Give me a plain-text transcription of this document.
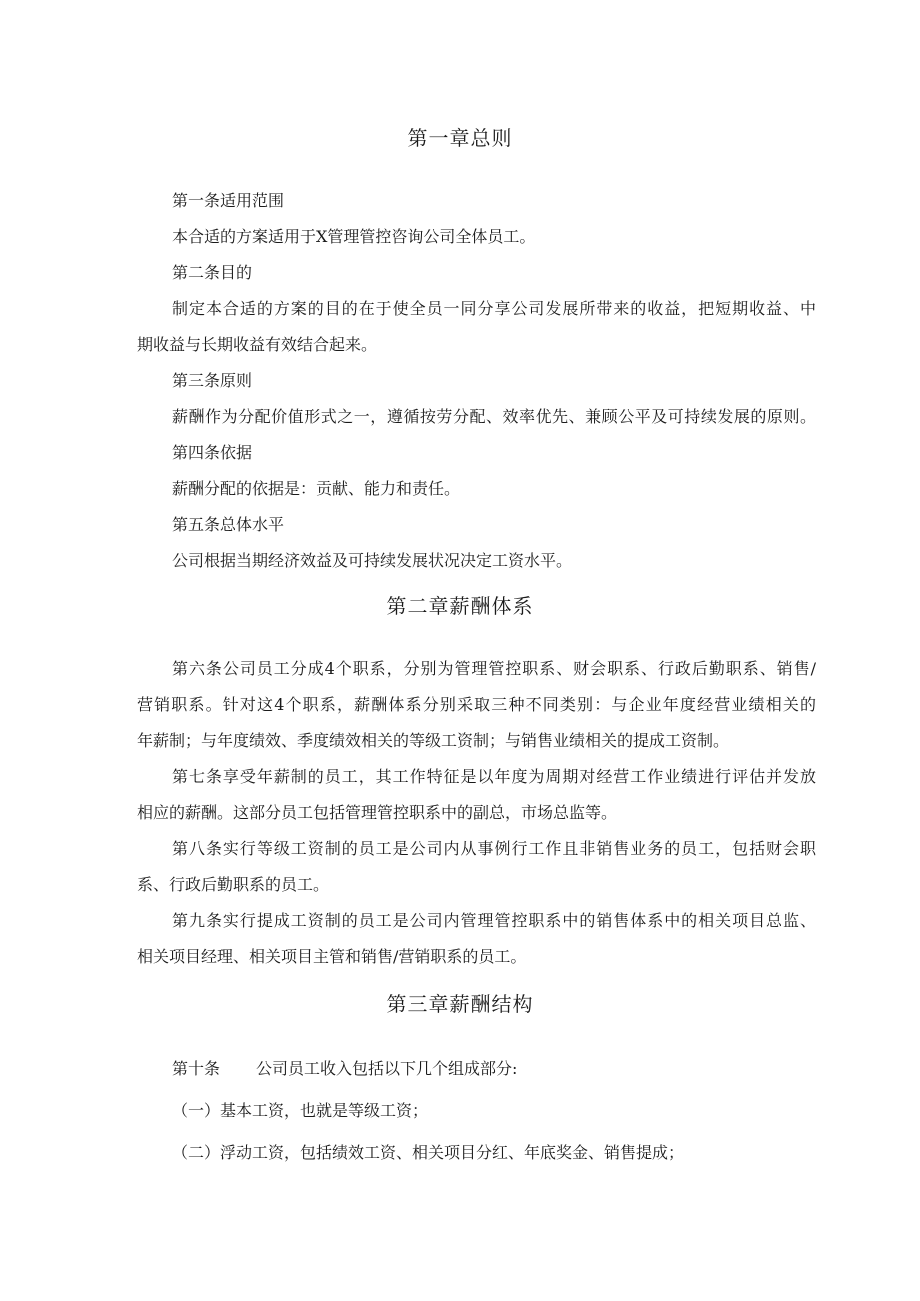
第一章总则

第一条适用范围

本合适的方案适用于X管理管控咨询公司全体员工。

第二条目的

制定本合适的方案的目的在于使全员一同分享公司发展所带来的收益，把短期收益、中

期收益与长期收益有效结合起来。

第三条原则

薪酬作为分配价值形式之一，遵循按劳分配、效率优先、兼顾公平及可持续发展的原则。

第四条依据

薪酬分配的依据是：贡献、能力和责任。

第五条总体水平

公司根据当期经济效益及可持续发展状况决定工资水平。

第二章薪酬体系

第六条公司员工分成4个职系，分别为管理管控职系、财会职系、行政后勤职系、销售/

营销职系。针对这4个职系，薪酬体系分别采取三种不同类别：与企业年度经营业绩相关的

年薪制；与年度绩效、季度绩效相关的等级工资制；与销售业绩相关的提成工资制。

第七条享受年薪制的员工，其工作特征是以年度为周期对经营工作业绩进行评估并发放

相应的薪酬。这部分员工包括管理管控职系中的副总，市场总监等。

第八条实行等级工资制的员工是公司内从事例行工作且非销售业务的员工，包括财会职

系、行政后勤职系的员工。

第九条实行提成工资制的员工是公司内管理管控职系中的销售体系中的相关项目总监、

相关项目经理、相关项目主管和销售/营销职系的员工。

第三章薪酬结构

第十条 公司员工收入包括以下几个组成部分:

（一）基本工资，也就是等级工资；

（二）浮动工资，包括绩效工资、相关项目分红、年底奖金、销售提成；
